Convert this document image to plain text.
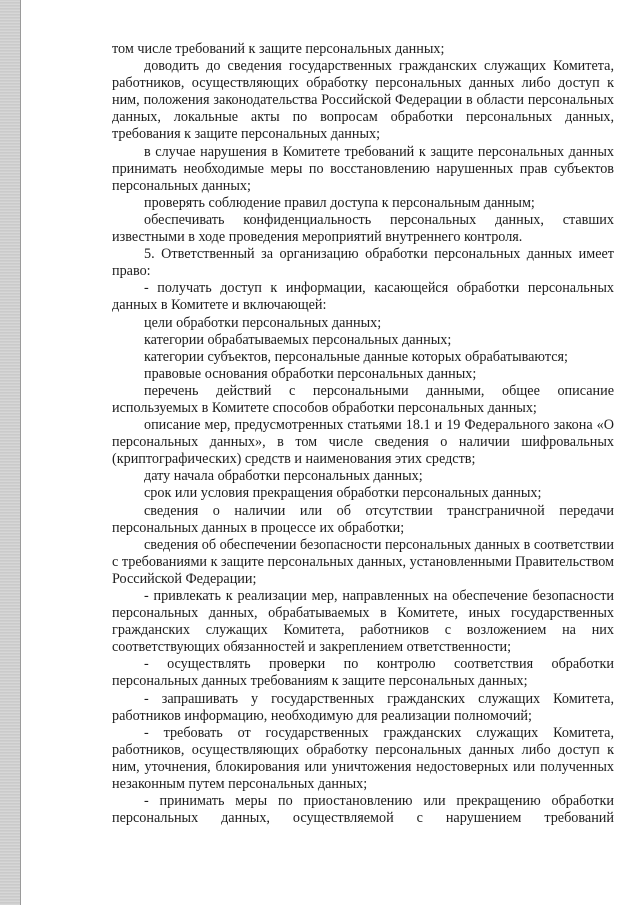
том числе требований к защите персональных данных;

доводить до сведения государственных гражданских служащих Комитета, работников, осуществляющих обработку персональных данных либо доступ к ним, положения законодательства Российской Федерации в области персональных данных, локальные акты по вопросам обработки персональных данных, требования к защите персональных данных;

в случае нарушения в Комитете требований к защите персональных данных принимать необходимые меры по восстановлению нарушенных прав субъектов персональных данных;

проверять соблюдение правил доступа к персональным данным;

обеспечивать конфиденциальность персональных данных, ставших известными в ходе проведения мероприятий внутреннего контроля.

5. Ответственный за организацию обработки персональных данных имеет право:

- получать доступ к информации, касающейся обработки персональных данных в Комитете и включающей:

цели обработки персональных данных;

категории обрабатываемых персональных данных;

категории субъектов, персональные данные которых обрабатываются;

правовые основания обработки персональных данных;

перечень действий с персональными данными, общее описание используемых в Комитете способов обработки персональных данных;

описание мер, предусмотренных статьями 18.1 и 19 Федерального закона «О персональных данных», в том числе сведения о наличии шифровальных (криптографических) средств и наименования этих средств;

дату начала обработки персональных данных;

срок или условия прекращения обработки персональных данных;

сведения о наличии или об отсутствии трансграничной передачи персональных данных в процессе их обработки;

сведения об обеспечении безопасности персональных данных в соответствии с требованиями к защите персональных данных, установленными Правительством Российской Федерации;

- привлекать к реализации мер, направленных на обеспечение безопасности персональных данных, обрабатываемых в Комитете, иных государственных гражданских служащих Комитета, работников с возложением на них соответствующих обязанностей и закреплением ответственности;

- осуществлять проверки по контролю соответствия обработки персональных данных требованиям к защите персональных данных;

- запрашивать у государственных гражданских служащих Комитета, работников информацию, необходимую для реализации полномочий;

- требовать от государственных гражданских служащих Комитета, работников, осуществляющих обработку персональных данных либо доступ к ним, уточнения, блокирования или уничтожения недостоверных или полученных незаконным путем персональных данных;

- принимать меры по приостановлению или прекращению обработки персональных данных, осуществляемой с нарушением требований
